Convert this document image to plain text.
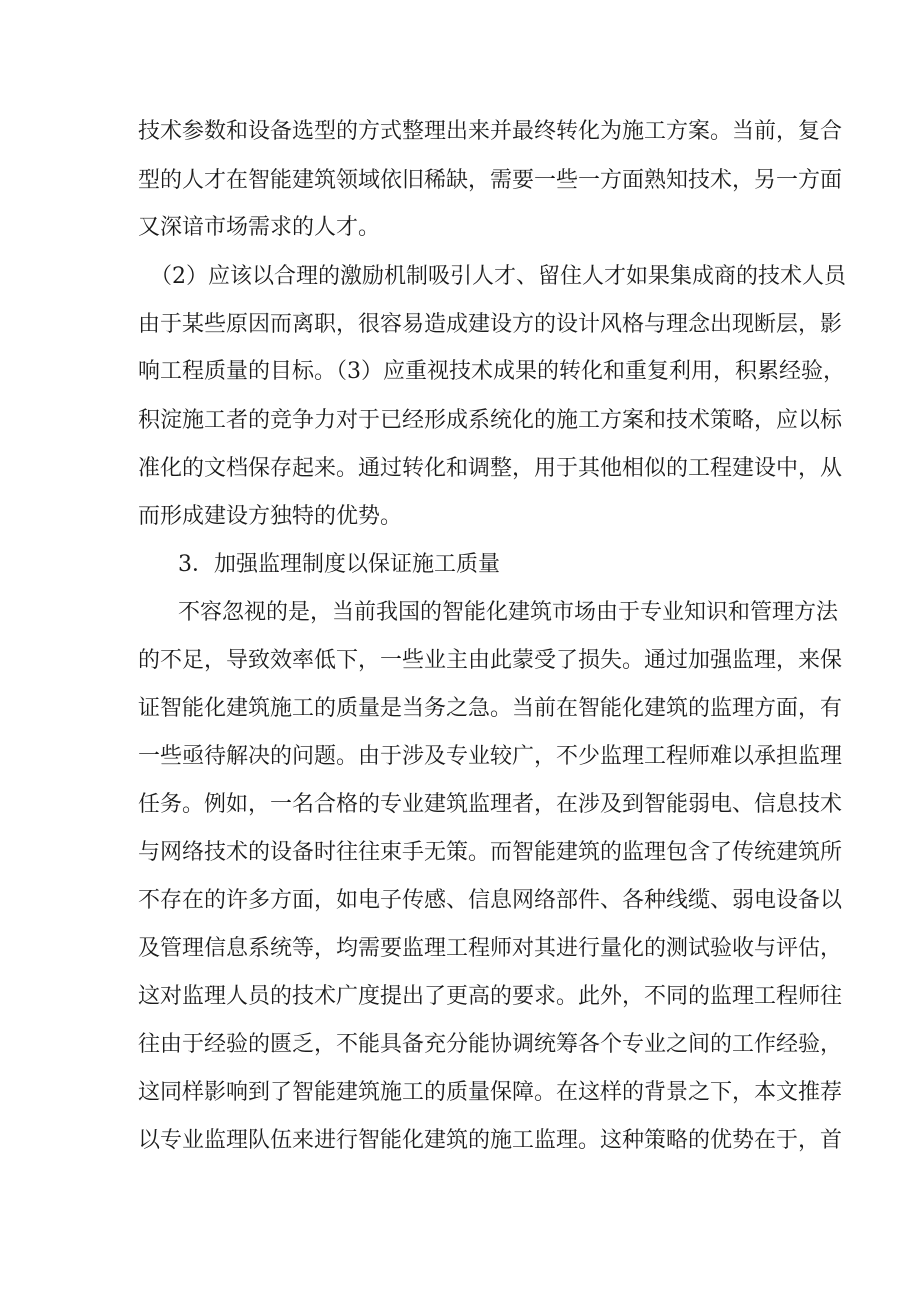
技术参数和设备选型的方式整理出来并最终转化为施工方案。当前，复合
型的人才在智能建筑领域依旧稀缺，需要一些一方面熟知技术，另一方面
又深谙市场需求的人才。
（2）应该以合理的激励机制吸引人才、留住人才如果集成商的技术人员
由于某些原因而离职，很容易造成建设方的设计风格与理念出现断层，影
响工程质量的目标。（3）应重视技术成果的转化和重复利用，积累经验，
积淀施工者的竞争力对于已经形成系统化的施工方案和技术策略，应以标
准化的文档保存起来。通过转化和调整，用于其他相似的工程建设中，从
而形成建设方独特的优势。
3．加强监理制度以保证施工质量
不容忽视的是，当前我国的智能化建筑市场由于专业知识和管理方法
的不足，导致效率低下，一些业主由此蒙受了损失。通过加强监理，来保
证智能化建筑施工的质量是当务之急。当前在智能化建筑的监理方面，有
一些亟待解决的问题。由于涉及专业较广，不少监理工程师难以承担监理
任务。例如，一名合格的专业建筑监理者，在涉及到智能弱电、信息技术
与网络技术的设备时往往束手无策。而智能建筑的监理包含了传统建筑所
不存在的许多方面，如电子传感、信息网络部件、各种线缆、弱电设备以
及管理信息系统等，均需要监理工程师对其进行量化的测试验收与评估，
这对监理人员的技术广度提出了更高的要求。此外，不同的监理工程师往
往由于经验的匮乏，不能具备充分能协调统筹各个专业之间的工作经验，
这同样影响到了智能建筑施工的质量保障。在这样的背景之下，本文推荐
以专业监理队伍来进行智能化建筑的施工监理。这种策略的优势在于，首
